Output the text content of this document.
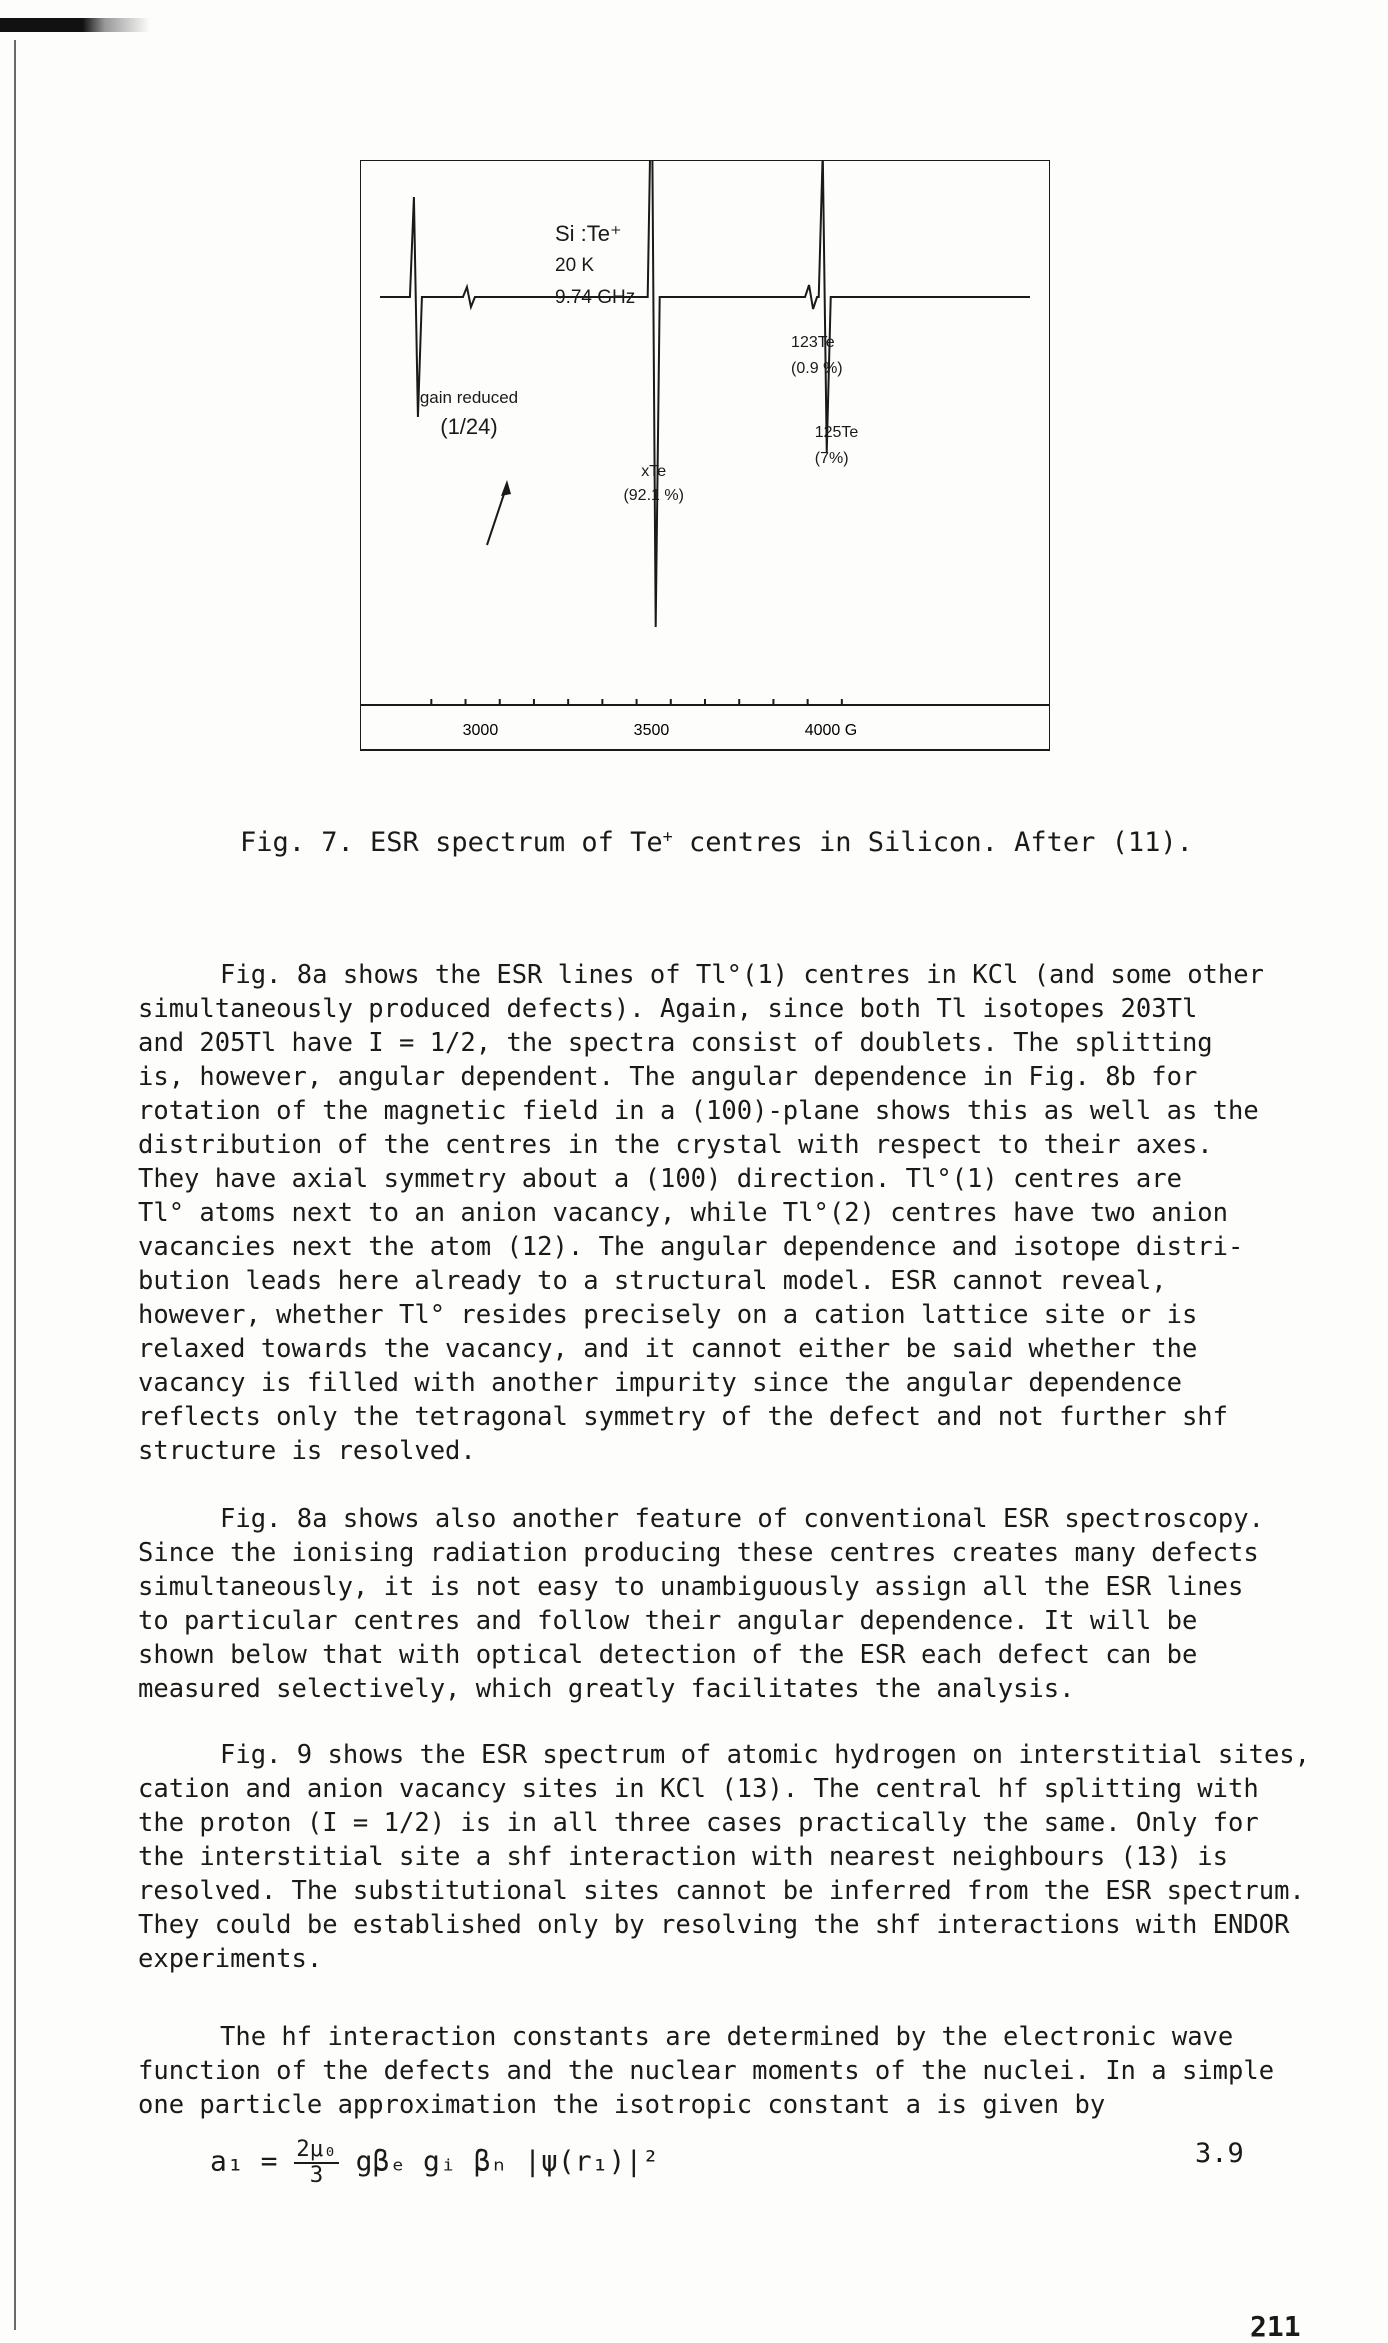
3000	3500	4000 G
Si :Te⁺
20 K
9.74 GHz
gain reduced
(1/24)
xTe
(92.1 %)
123Te
(0.9 %)
125Te
(7%)
Fig. 7. ESR spectrum of Te+ centres in Silicon. After (11).
Fig. 8a shows the ESR lines of Tl°(1) centres in KCl (and some other
simultaneously produced defects). Again, since both Tl isotopes 203Tl
and 205Tl have I = 1/2, the spectra consist of doublets. The splitting
is, however, angular dependent. The angular dependence in Fig. 8b for
rotation of the magnetic field in a (100)-plane shows this as well as the
distribution of the centres in the crystal with respect to their axes.
They have axial symmetry about a (100) direction. Tl°(1) centres are
Tl° atoms next to an anion vacancy, while Tl°(2) centres have two anion
vacancies next the atom (12). The angular dependence and isotope distri-
bution leads here already to a structural model. ESR cannot reveal,
however, whether Tl° resides precisely on a cation lattice site or is
relaxed towards the vacancy, and it cannot either be said whether the
vacancy is filled with another impurity since the angular dependence
reflects only the tetragonal symmetry of the defect and not further shf
structure is resolved.
Fig. 8a shows also another feature of conventional ESR spectroscopy.
Since the ionising radiation producing these centres creates many defects
simultaneously, it is not easy to unambiguously assign all the ESR lines
to particular centres and follow their angular dependence. It will be
shown below that with optical detection of the ESR each defect can be
measured selectively, which greatly facilitates the analysis.
Fig. 9 shows the ESR spectrum of atomic hydrogen on interstitial sites,
cation and anion vacancy sites in KCl (13). The central hf splitting with
the proton (I = 1/2) is in all three cases practically the same. Only for
the interstitial site a shf interaction with nearest neighbours (13) is
resolved. The substitutional sites cannot be inferred from the ESR spectrum.
They could be established only by resolving the shf interactions with ENDOR
experiments.
The hf interaction constants are determined by the electronic wave
function of the defects and the nuclear moments of the nuclei. In a simple
one particle approximation the isotropic constant a is given by
$a_1 = \frac{\text{2μ₀}}{3}$ gβₑ gᵢ βₙ |ψ(r₁)|²	3.9
211
